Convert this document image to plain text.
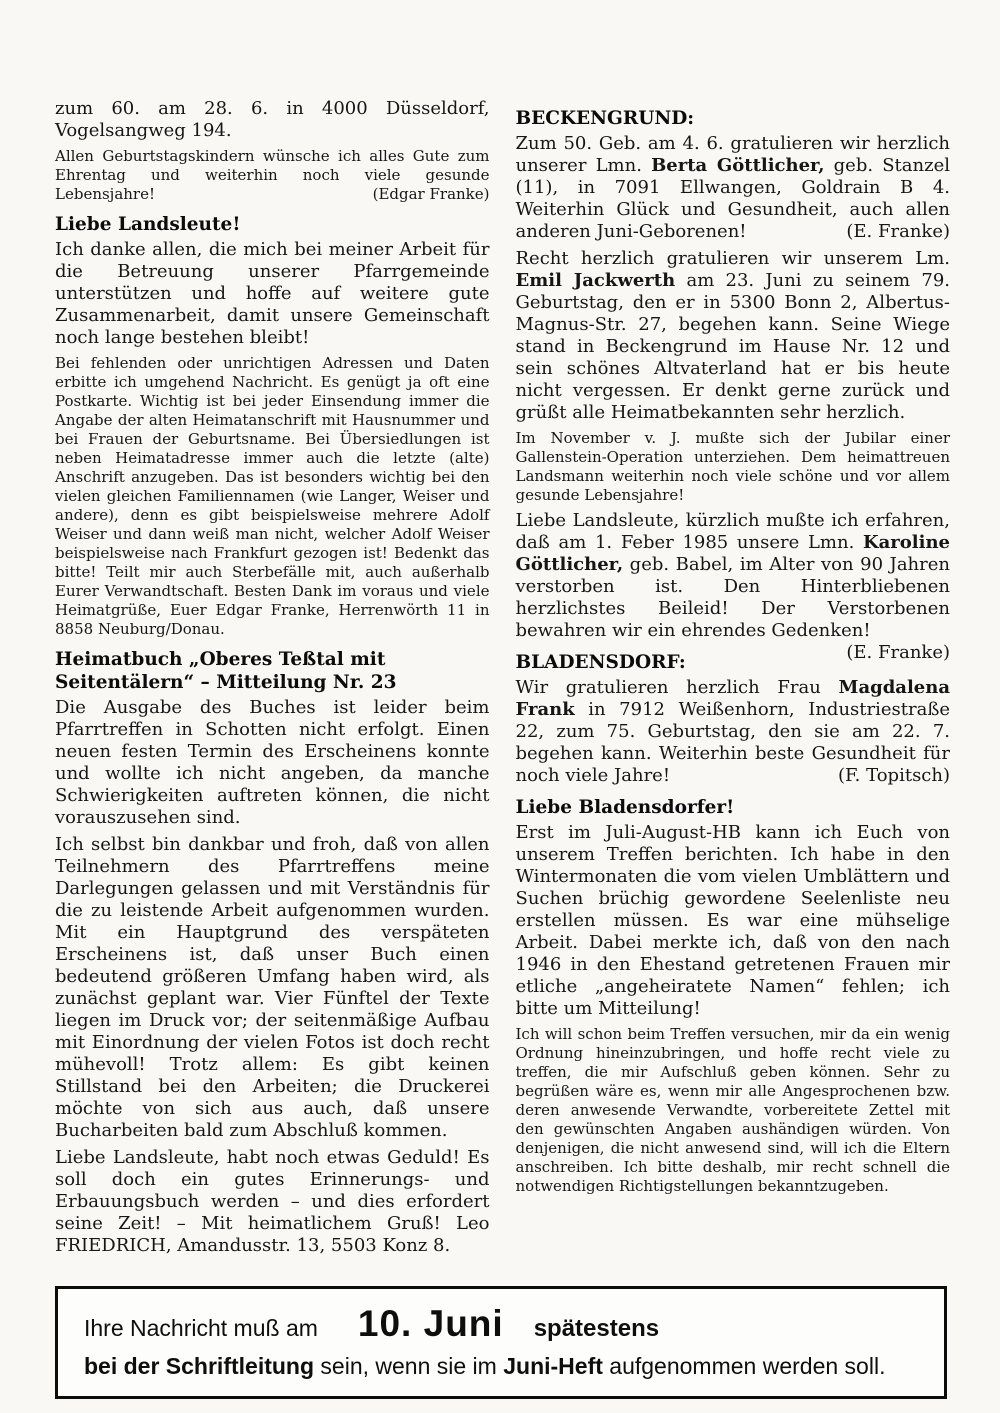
zum 60. am 28. 6. in 4000 Düsseldorf, Vogelsangweg 194.

Allen Geburtstagskindern wünsche ich alles Gute zum Ehrentag und weiterhin noch viele gesunde Lebensjahre!	(Edgar Franke)

Liebe Landsleute!

Ich danke allen, die mich bei meiner Arbeit für die Betreuung unserer Pfarrgemeinde unterstützen und hoffe auf weitere gute Zusammenarbeit, damit unsere Gemeinschaft noch lange bestehen bleibt!

Bei fehlenden oder unrichtigen Adressen und Daten erbitte ich umgehend Nachricht. Es genügt ja oft eine Postkarte. Wichtig ist bei jeder Einsendung immer die Angabe der alten Heimatanschrift mit Hausnummer und bei Frauen der Geburtsname. Bei Übersiedlungen ist neben Heimatadresse immer auch die letzte (alte) Anschrift anzugeben. Das ist besonders wichtig bei den vielen gleichen Familiennamen (wie Langer, Weiser und andere), denn es gibt beispielsweise mehrere Adolf Weiser und dann weiß man nicht, welcher Adolf Weiser beispielsweise nach Frankfurt gezogen ist! Bedenkt das bitte! Teilt mir auch Sterbefälle mit, auch außerhalb Eurer Verwandtschaft. Besten Dank im voraus und viele Heimatgrüße, Euer Edgar Franke, Herrenwörth 11 in 8858 Neuburg/Donau.

Heimatbuch „Oberes Teßtal mit Seitentälern“ – Mitteilung Nr. 23

Die Ausgabe des Buches ist leider beim Pfarrtreffen in Schotten nicht erfolgt. Einen neuen festen Termin des Erscheinens konnte und wollte ich nicht angeben, da manche Schwierigkeiten auftreten können, die nicht vorauszusehen sind.

Ich selbst bin dankbar und froh, daß von allen Teilnehmern des Pfarrtreffens meine Darlegungen gelassen und mit Verständnis für die zu leistende Arbeit aufgenommen wurden. Mit ein Hauptgrund des verspäteten Erscheinens ist, daß unser Buch einen bedeutend größeren Umfang haben wird, als zunächst geplant war. Vier Fünftel der Texte liegen im Druck vor; der seitenmäßige Aufbau mit Einordnung der vielen Fotos ist doch recht mühevoll! Trotz allem: Es gibt keinen Stillstand bei den Arbeiten; die Druckerei möchte von sich aus auch, daß unsere Bucharbeiten bald zum Abschluß kommen.

Liebe Landsleute, habt noch etwas Geduld! Es soll doch ein gutes Erinnerungs- und Erbauungsbuch werden – und dies erfordert seine Zeit! – Mit heimatlichem Gruß! Leo FRIEDRICH, Amandusstr. 13, 5503 Konz 8.

BECKENGRUND:

Zum 50. Geb. am 4. 6. gratulieren wir herzlich unserer Lmn. Berta Göttlicher, geb. Stanzel (11), in 7091 Ellwangen, Goldrain B 4. Weiterhin Glück und Gesundheit, auch allen anderen Juni-Geborenen!	(E. Franke)

Recht herzlich gratulieren wir unserem Lm. Emil Jackwerth am 23. Juni zu seinem 79. Geburtstag, den er in 5300 Bonn 2, Albertus-Magnus-Str. 27, begehen kann. Seine Wiege stand in Beckengrund im Hause Nr. 12 und sein schönes Altvaterland hat er bis heute nicht vergessen. Er denkt gerne zurück und grüßt alle Heimatbekannten sehr herzlich.

Im November v. J. mußte sich der Jubilar einer Gallenstein-Operation unterziehen. Dem heimattreuen Landsmann weiterhin noch viele schöne und vor allem gesunde Lebensjahre!

Liebe Landsleute, kürzlich mußte ich erfahren, daß am 1. Feber 1985 unsere Lmn. Karoline Göttlicher, geb. Babel, im Alter von 90 Jahren verstorben ist. Den Hinterbliebenen herzlichstes Beileid! Der Verstorbenen bewahren wir ein ehrendes Gedenken!
(E. Franke)

BLADENSDORF:

Wir gratulieren herzlich Frau Magdalena Frank in 7912 Weißenhorn, Industriestraße 22, zum 75. Geburtstag, den sie am 22. 7. begehen kann. Weiterhin beste Gesundheit für noch viele Jahre!	(F. Topitsch)

Liebe Bladensdorfer!

Erst im Juli-August-HB kann ich Euch von unserem Treffen berichten. Ich habe in den Wintermonaten die vom vielen Umblättern und Suchen brüchig gewordene Seelenliste neu erstellen müssen. Es war eine mühselige Arbeit. Dabei merkte ich, daß von den nach 1946 in den Ehestand getretenen Frauen mir etliche „angeheiratete Namen“ fehlen; ich bitte um Mitteilung!

Ich will schon beim Treffen versuchen, mir da ein wenig Ordnung hineinzubringen, und hoffe recht viele zu treffen, die mir Aufschluß geben können. Sehr zu begrüßen wäre es, wenn mir alle Angesprochenen bzw. deren anwesende Verwandte, vorbereitete Zettel mit den gewünschten Angaben aushändigen würden. Von denjenigen, die nicht anwesend sind, will ich die Eltern anschreiben. Ich bitte deshalb, mir recht schnell die notwendigen Richtigstellungen bekanntzugeben.

Ihre Nachricht muß am 10. Juni spätestens
bei der Schriftleitung sein, wenn sie im Juni-Heft aufgenommen werden soll.
